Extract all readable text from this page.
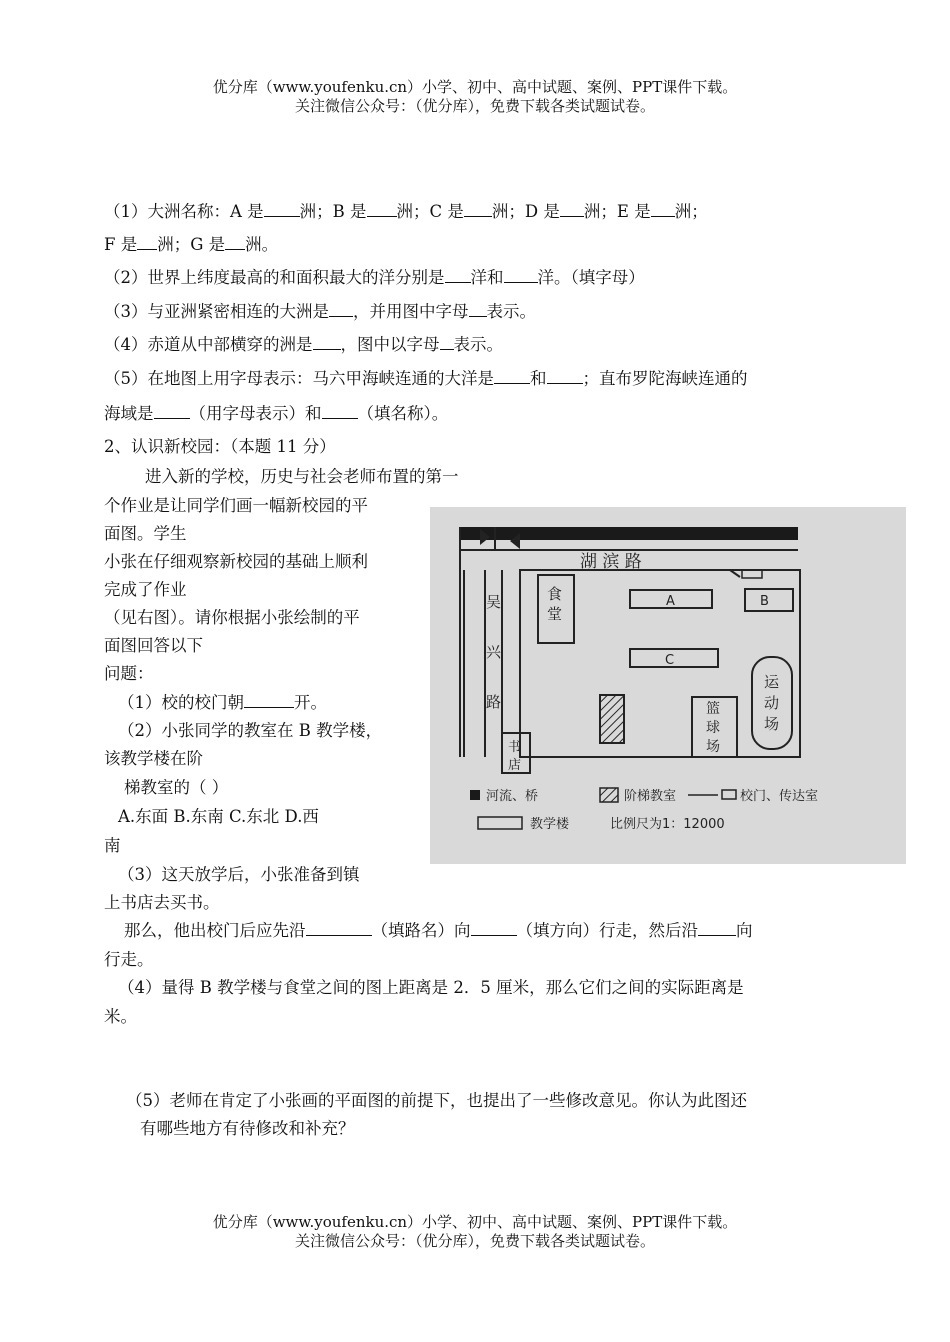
优分库（www.youfenku.cn）小学、初中、高中试题、案例、PPT课件下载。
关注微信公众号：（优分库），免费下载各类试题试卷。
（1）大洲名称：A 是 洲；B 是 洲；C 是 洲；D 是 洲；E 是 洲；
F 是 洲；G 是 洲。
（2）世界上纬度最高的和面积最大的洋分别是 洋和 洋。（填字母）
（3）与亚洲紧密相连的大洲是 ，并用图中字母 表示。
（4）赤道从中部横穿的洲是 ，图中以字母 表示。
（5）在地图上用字母表示：马六甲海峡连通的大洋是 和 ；直布罗陀海峡连通的
海域是 （用字母表示）和 （填名称）。
2、认识新校园：（本题 11 分）
进入新的学校，历史与社会老师布置的第一
个作业是让同学们画一幅新校园的平
面图。学生
小张在仔细观察新校园的基础上顺利
完成了作业
（见右图）。请你根据小张绘制的平
面图回答以下
问题：
（1）校的校门朝	开。
（2）小张同学的教室在 B 教学楼，
该教学楼在阶
梯教室的（ ）
A.东面 B.东南 C.东北 D.西
南
（3）这天放学后，小张准备到镇
上书店去买书。
那么，他出校门后应先沿	（填路名）向	（填方向）行走，然后沿 向
行走。
（4）量得 B 教学楼与食堂之间的图上距离是 2．5 厘米，那么它们之间的实际距离是
米。
（5）老师在肯定了小张画的平面图的前提下，也提出了一些修改意见。你认为此图还
有哪些地方有待修改和补充？
湖 滨 路
吴
兴
路
食
堂
A	B
C
篮
球
场
运
动
场
书
店
河流、桥	阶梯教室	校门、传达室
教学楼	比例尺为1：12000
优分库（www.youfenku.cn）小学、初中、高中试题、案例、PPT课件下载。
关注微信公众号：（优分库），免费下载各类试题试卷。
